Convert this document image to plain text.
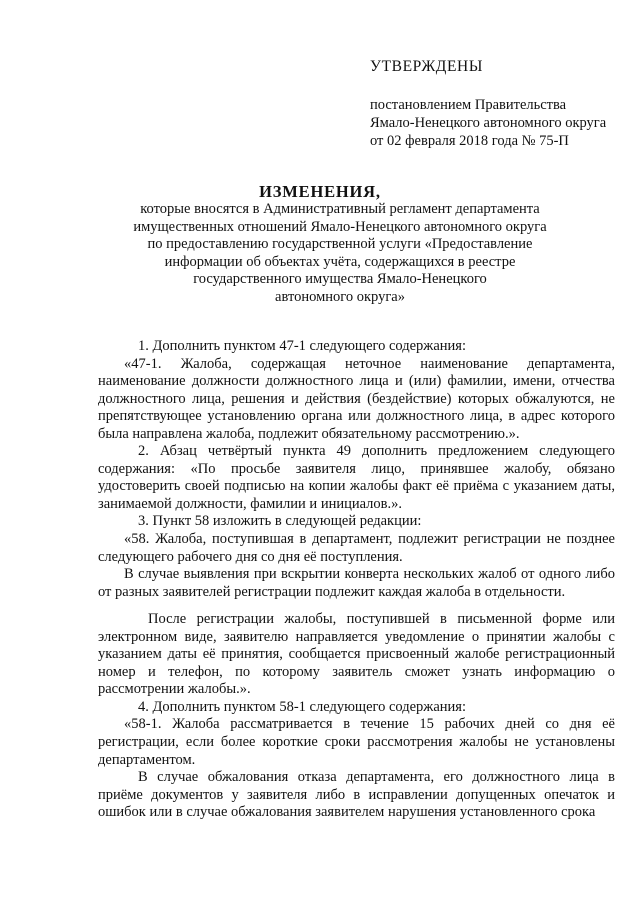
УТВЕРЖДЕНЫ
постановлением Правительства
Ямало-Ненецкого автономного округа
от 02 февраля 2018 года № 75-П
ИЗМЕНЕНИЯ,
которые вносятся в Административный регламент департамента
имущественных отношений Ямало-Ненецкого автономного округа
по предоставлению государственной услуги «Предоставление
информации об объектах учёта, содержащихся в реестре
государственного имущества Ямало-Ненецкого
автономного округа»

1. Дополнить пунктом 47-1 следующего содержания:

«47-1. Жалоба, содержащая неточное наименование департамента, наименование должности должностного лица и (или) фамилии, имени, отчества должностного лица, решения и действия (бездействие) которых обжалуются, не препятствующее установлению органа или должностного лица, в адрес которого была направлена жалоба, подлежит обязательному рассмотрению.».

2. Абзац четвёртый пункта 49 дополнить предложением следующего содержания: «По просьбе заявителя лицо, принявшее жалобу, обязано удостоверить своей подписью на копии жалобы факт её приёма с указанием даты, занимаемой должности, фамилии и инициалов.».

3. Пункт 58 изложить в следующей редакции:

«58. Жалоба, поступившая в департамент, подлежит регистрации не позднее следующего рабочего дня со дня её поступления.

В случае выявления при вскрытии конверта нескольких жалоб от одного либо от разных заявителей регистрации подлежит каждая жалоба в отдельности.

После регистрации жалобы, поступившей в письменной форме или электронном виде, заявителю направляется уведомление о принятии жалобы с указанием даты её принятия, сообщается присвоенный жалобе регистрационный номер и телефон, по которому заявитель сможет узнать информацию о рассмотрении жалобы.».

4. Дополнить пунктом 58-1 следующего содержания:

«58-1. Жалоба рассматривается в течение 15 рабочих дней со дня её регистрации, если более короткие сроки рассмотрения жалобы не установлены департаментом.

В случае обжалования отказа департамента, его должностного лица в приёме документов у заявителя либо в исправлении допущенных опечаток и ошибок или в случае обжалования заявителем нарушения установленного срока
